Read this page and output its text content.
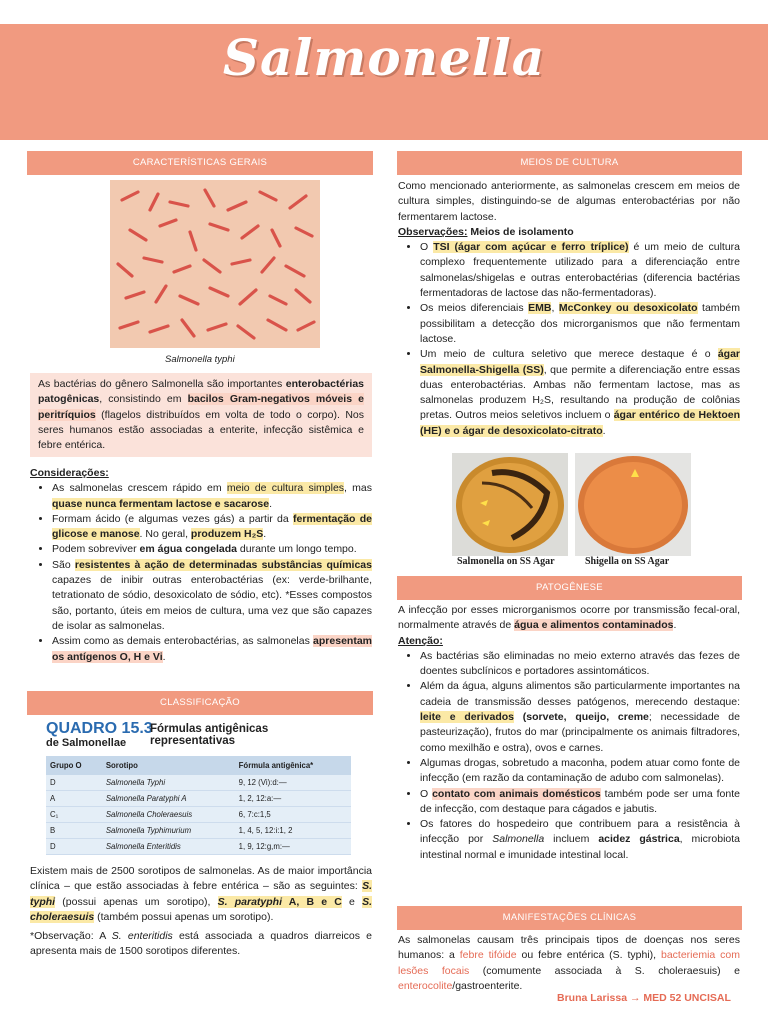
Salmonella
CARACTERÍSTICAS GERAIS
Salmonella typhi
As bactérias do gênero Salmonella são importantes enterobactérias patogênicas, consistindo em bacilos Gram-negativos móveis e peritríquios (flagelos distribuídos em volta de todo o corpo). Nos seres humanos estão associadas a enterite, infecção sistêmica e febre entérica.

Considerações:

• As salmonelas crescem rápido em meio de cultura simples, mas quase nunca fermentam lactose e sacarose.
• Formam ácido (e algumas vezes gás) a partir da fermentação de glicose e manose. No geral, produzem H₂S.
• Podem sobreviver em água congelada durante um longo tempo.
• São resistentes à ação de determinadas substâncias químicas capazes de inibir outras enterobactérias (ex: verde-brilhante, tetrationato de sódio, desoxicolato de sódio, etc). *Esses compostos são, portanto, úteis em meios de cultura, uma vez que são capazes de isolar as salmonelas.
• Assim como as demais enterobactérias, as salmonelas apresentam os antígenos O, H e Vi.
CLASSIFICAÇÃO
QUADRO 15.3
Fórmulas antigênicas representativas
de Salmonellae
Grupo O	Sorotipo	Fórmula antigênica*
D	Salmonella Typhi	9, 12 (Vi):d:—
A	Salmonella Paratyphi A	1, 2, 12:a:—
C₁	Salmonella Choleraesuis	6, 7:c:1,5
B	Salmonella Typhimurium	1, 4, 5, 12:i:1, 2
D	Salmonella Enteritidis	1, 9, 12:g,m:—

Existem mais de 2500 sorotipos de salmonelas. As de maior importância clínica – que estão associadas à febre entérica – são as seguintes: S. typhi (possui apenas um sorotipo), S. paratyphi A, B e C e S. choleraesuis (também possui apenas um sorotipo).

*Observação: A S. enteritidis está associada a quadros diarreicos e apresenta mais de 1500 sorotipos diferentes.

MEIOS DE CULTURA

Como mencionado anteriormente, as salmonelas crescem em meios de cultura simples, distinguindo-se de algumas enterobactérias por não fermentarem lactose.

Observações: Meios de isolamento

• O TSI (ágar com açúcar e ferro tríplice) é um meio de cultura complexo frequentemente utilizado para a diferenciação entre salmonelas/shigelas e outras enterobactérias (diferencia bactérias fermentadoras de lactose das não-fermentadoras).
• Os meios diferenciais EMB, McConkey ou desoxicolato também possibilitam a detecção dos microrganismos que não fermentam lactose.
• Um meio de cultura seletivo que merece destaque é o ágar Salmonella-Shigella (SS), que permite a diferenciação entre essas duas enterobactérias. Ambas não fermentam lactose, mas as salmonelas produzem H₂S, resultando na produção de colônias pretas. Outros meios seletivos incluem o ágar entérico de Hektoen (HE) e o ágar de desoxicolato-citrato.
Salmonella on SS Agar	Shigella on SS Agar
PATOGÊNESE

A infecção por esses microrganismos ocorre por transmissão fecal-oral, normalmente através de água e alimentos contaminados.

Atenção:

• As bactérias são eliminadas no meio externo através das fezes de doentes subclínicos e portadores assintomáticos.
• Além da água, alguns alimentos são particularmente importantes na cadeia de transmissão desses patógenos, merecendo destaque: leite e derivados (sorvete, queijo, creme; necessidade de pasteurização), frutos do mar (principalmente os animais filtradores, como mexilhão e ostra), ovos e carnes.
• Algumas drogas, sobretudo a maconha, podem atuar como fonte de infecção (em razão da contaminação de adubo com salmonelas).
• O contato com animais domésticos também pode ser uma fonte de infecção, com destaque para cágados e jabutis.
• Os fatores do hospedeiro que contribuem para a resistência à infecção por Salmonella incluem acidez gástrica, microbiota intestinal normal e imunidade intestinal local.
MANIFESTAÇÕES CLÍNICAS
As salmonelas causam três principais tipos de doenças nos seres humanos: a febre tifóide ou febre entérica (S. typhi), bacteriemia com lesões focais (comumente associada à S. choleraesuis) e enterocolite/gastroenterite.
Bruna Larissa → MED 52 UNCISAL
